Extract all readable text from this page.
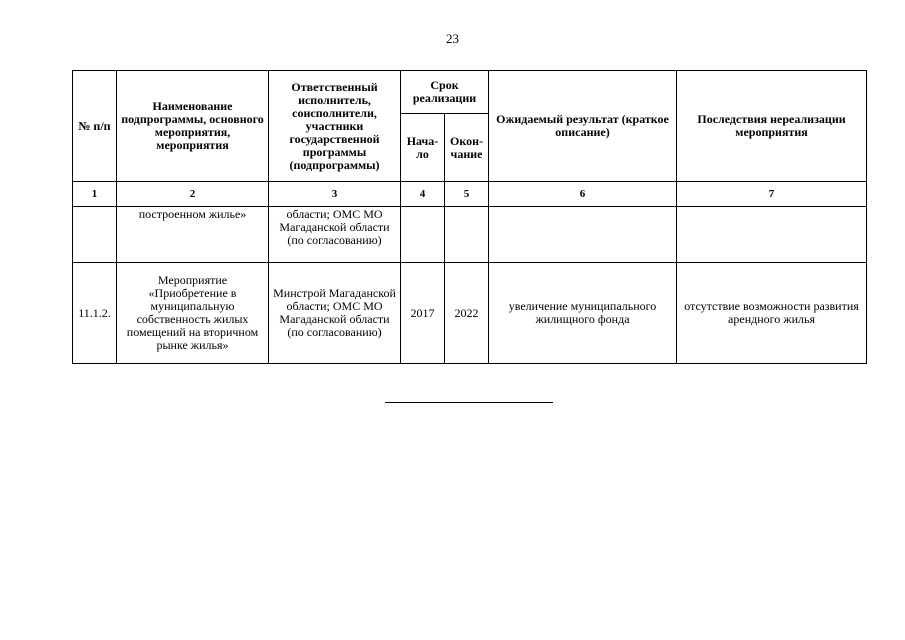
23
№ п/п	Наименование подпрограммы, основного мероприятия, мероприятия	Ответственный исполнитель, соисполнители, участники государственной программы (подпрограммы)	Срок реализации		Ожидаемый результат (краткое описание)	Последствия нереализации мероприятия
			Нача-ло	Окон-чание		
1	2	3	4	5	6	7
	построенном жилье»	области; ОМС МО Магаданской области (по согласованию)				
11.1.2.	Мероприятие «Приобретение в муниципальную собственность жилых помещений на вторичном рынке жилья»	Минстрой Магаданской области; ОМС МО Магаданской области (по согласованию)	2017	2022	увеличение муниципального жилищного фонда	отсутствие возможности развития арендного жилья
